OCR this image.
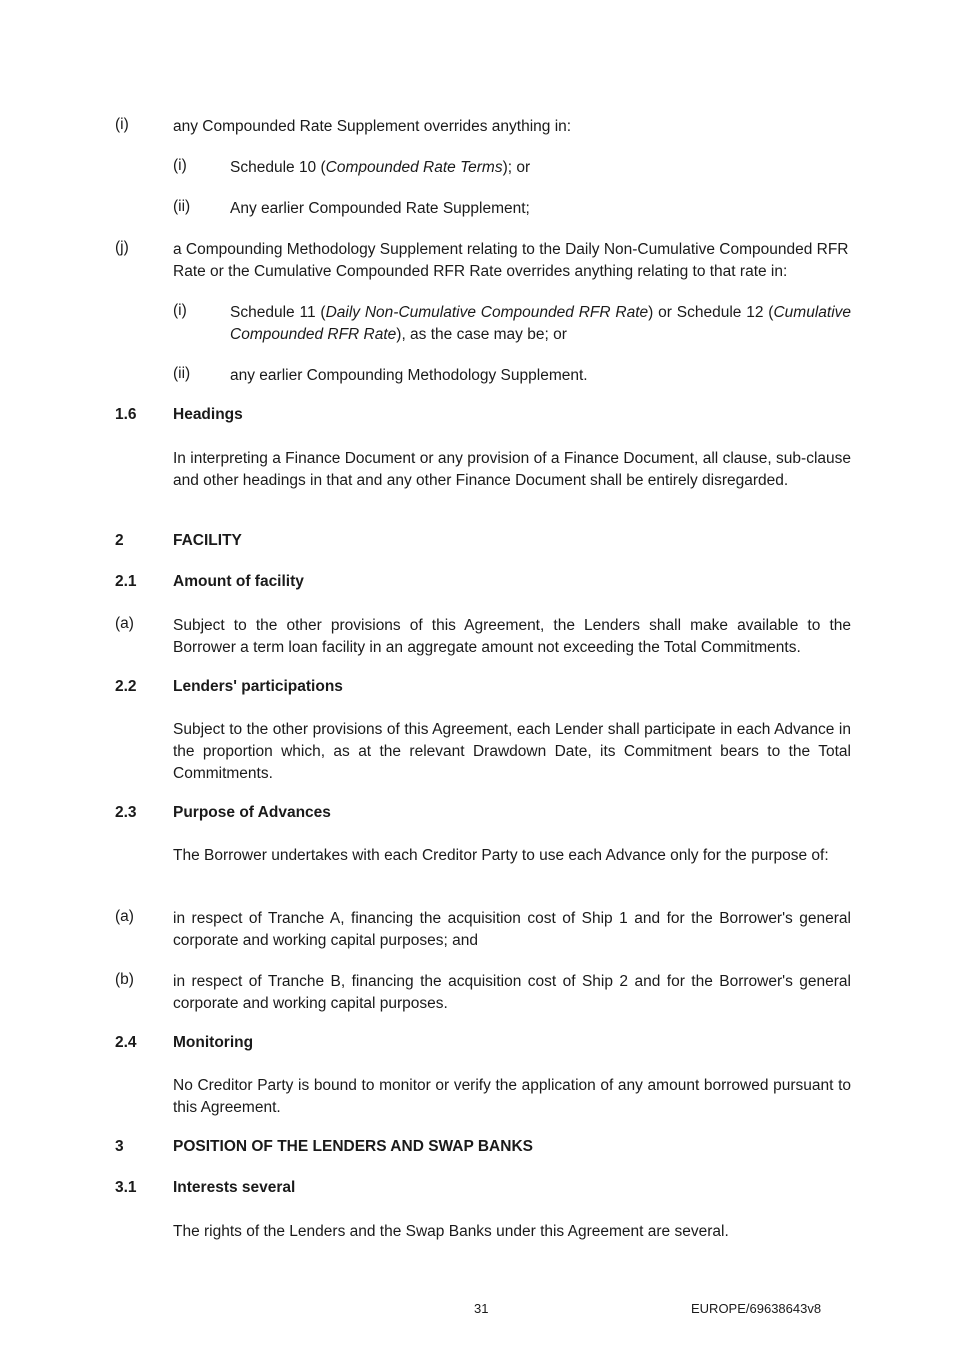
(i)	any Compounded Rate Supplement overrides anything in:
(i)	Schedule 10 (Compounded Rate Terms); or
(ii)	Any earlier Compounded Rate Supplement;
(j)	a Compounding Methodology Supplement relating to the Daily Non-Cumulative Compounded RFR Rate or the Cumulative Compounded RFR Rate overrides anything relating to that rate in:
(i)	Schedule 11 (Daily Non-Cumulative Compounded RFR Rate) or Schedule 12 (Cumulative Compounded RFR Rate), as the case may be; or
(ii)	any earlier Compounding Methodology Supplement.
1.6 Headings
In interpreting a Finance Document or any provision of a Finance Document, all clause, sub-clause and other headings in that and any other Finance Document shall be entirely disregarded.
2	FACILITY
2.1 Amount of facility
(a)	Subject to the other provisions of this Agreement, the Lenders shall make available to the Borrower a term loan facility in an aggregate amount not exceeding the Total Commitments.
2.2 Lenders' participations
Subject to the other provisions of this Agreement, each Lender shall participate in each Advance in the proportion which, as at the relevant Drawdown Date, its Commitment bears to the Total Commitments.
2.3 Purpose of Advances
The Borrower undertakes with each Creditor Party to use each Advance only for the purpose of:
(a)	in respect of Tranche A, financing the acquisition cost of Ship 1 and for the Borrower's general corporate and working capital purposes; and
(b)	in respect of Tranche B, financing the acquisition cost of Ship 2 and for the Borrower's general corporate and working capital purposes.
2.4 Monitoring
No Creditor Party is bound to monitor or verify the application of any amount borrowed pursuant to this Agreement.
3	POSITION OF THE LENDERS AND SWAP BANKS
3.1 Interests several
The rights of the Lenders and the Swap Banks under this Agreement are several.
31	EUROPE/69638643v8
